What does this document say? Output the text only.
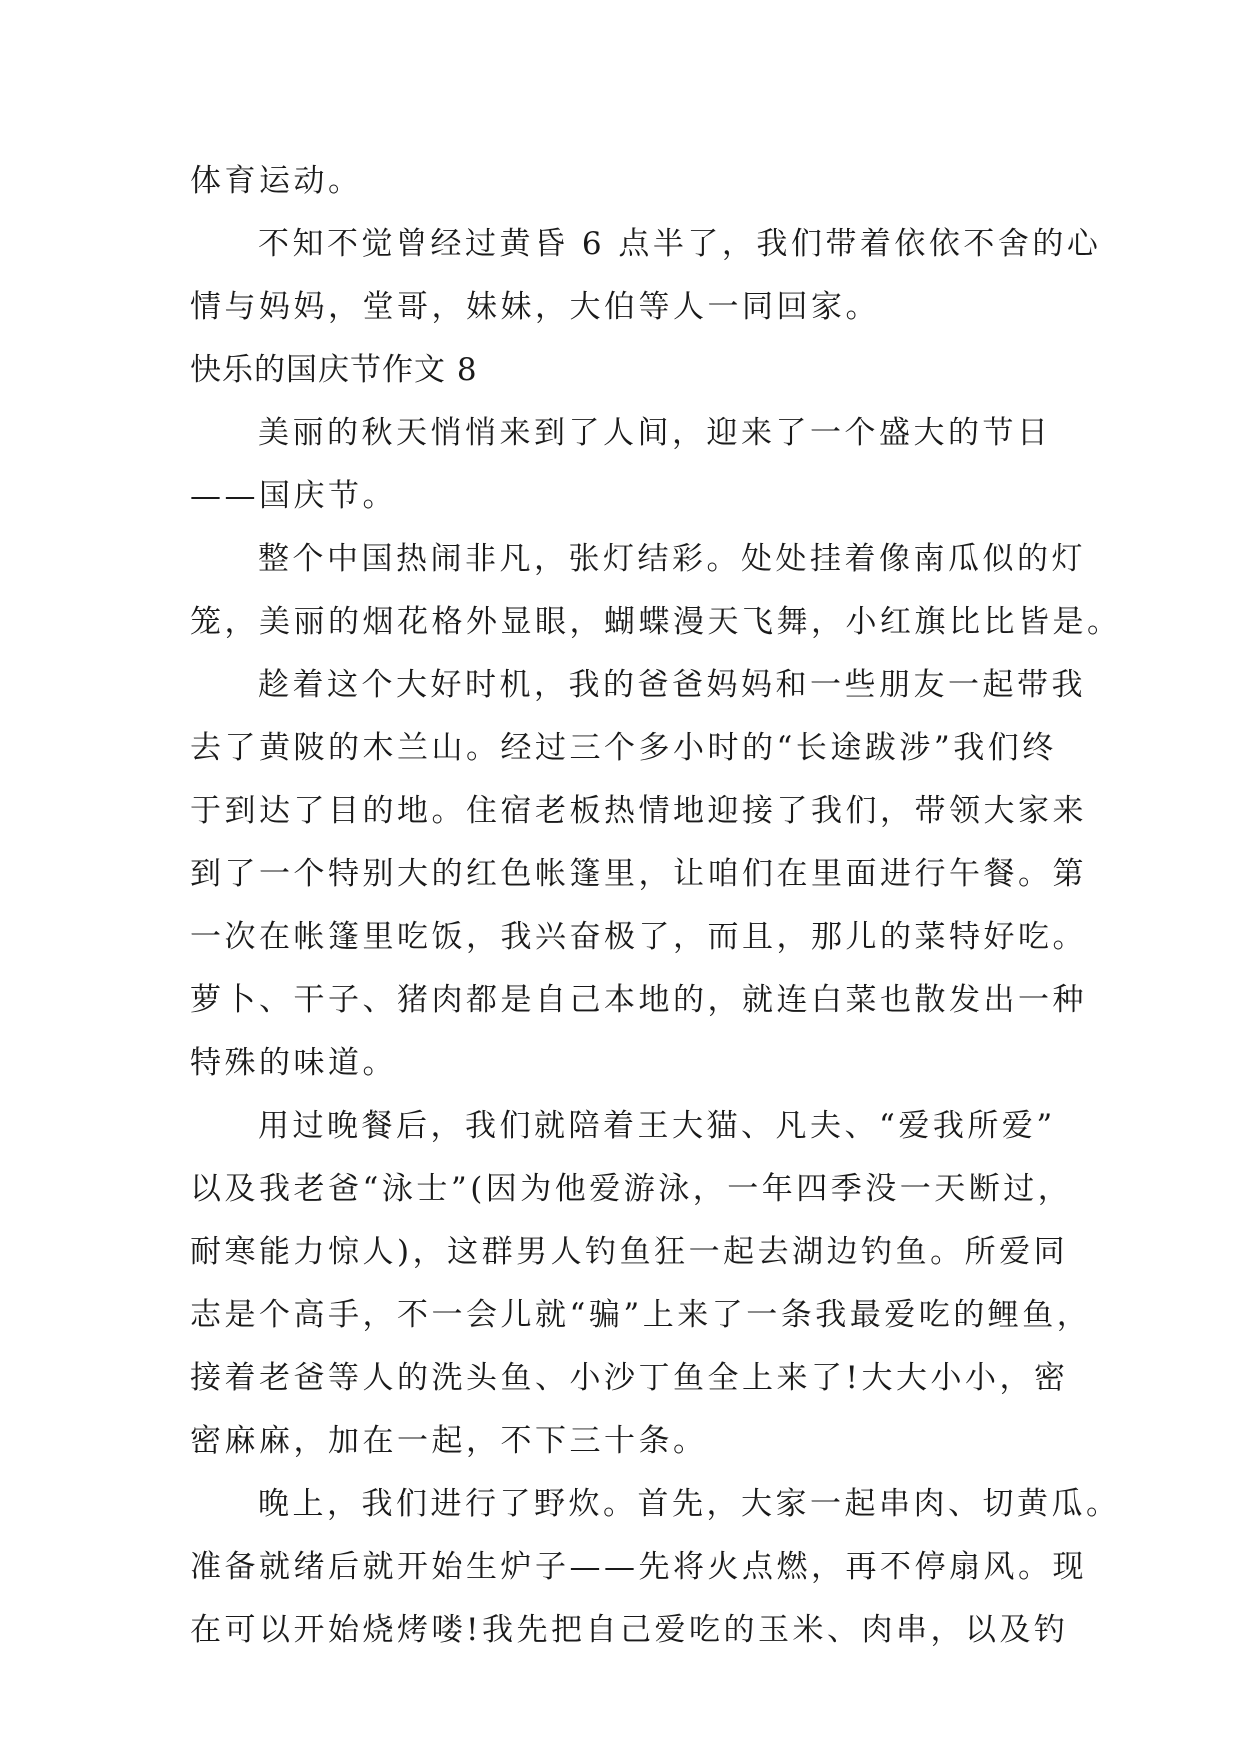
体育运动。
不知不觉曾经过黄昏 6 点半了，我们带着依依不舍的心
情与妈妈，堂哥，妹妹，大伯等人一同回家。
快乐的国庆节作文 8
美丽的秋天悄悄来到了人间，迎来了一个盛大的节日
——国庆节。
整个中国热闹非凡，张灯结彩。处处挂着像南瓜似的灯
笼，美丽的烟花格外显眼，蝴蝶漫天飞舞，小红旗比比皆是。
趁着这个大好时机，我的爸爸妈妈和一些朋友一起带我
去了黄陂的木兰山。经过三个多小时的“长途跋涉”我们终
于到达了目的地。住宿老板热情地迎接了我们，带领大家来
到了一个特别大的红色帐篷里，让咱们在里面进行午餐。第
一次在帐篷里吃饭，我兴奋极了，而且，那儿的菜特好吃。
萝卜、干子、猪肉都是自己本地的，就连白菜也散发出一种
特殊的味道。
用过晚餐后，我们就陪着王大猫、凡夫、“爱我所爱”
以及我老爸“泳士”(因为他爱游泳，一年四季没一天断过，
耐寒能力惊人)，这群男人钓鱼狂一起去湖边钓鱼。所爱同
志是个高手，不一会儿就“骗”上来了一条我最爱吃的鲤鱼，
接着老爸等人的洗头鱼、小沙丁鱼全上来了!大大小小，密
密麻麻，加在一起，不下三十条。
晚上，我们进行了野炊。首先，大家一起串肉、切黄瓜。
准备就绪后就开始生炉子——先将火点燃，再不停扇风。现
在可以开始烧烤喽!我先把自己爱吃的玉米、肉串，以及钓
